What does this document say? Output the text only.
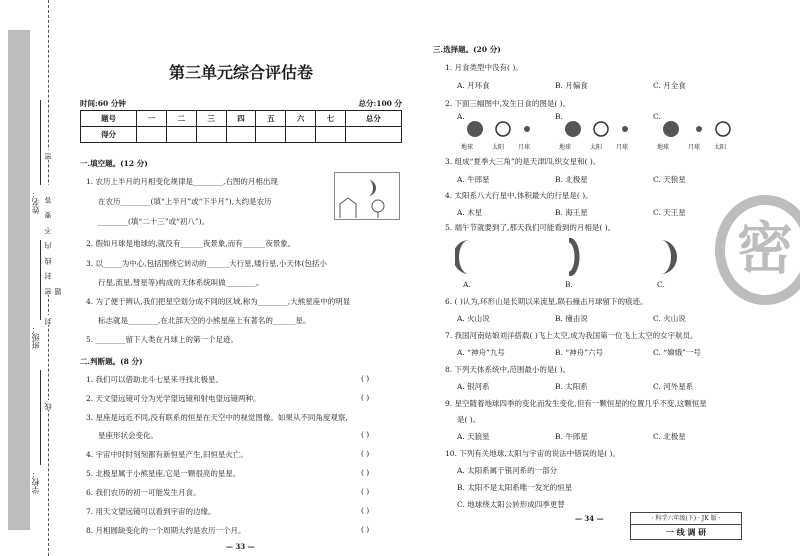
姓名：
班级：
学校：
密
密 封 线 内 不 要 答 题
封
线
第三单元综合评估卷
时间:60 分钟	总分:100 分
题号	一	二	三	四	五	六	七	总分
得分								
一.填空题。(12 分)
1. 农历上半月的月相变化规律是________,右图的月相出现
在农历________(填“上半月”或“下半月”),大约是农历
________(填“二十三”或“初八”)。
2. 假如月球是地球的,就没有______夜景象,而有______夜景象。
3. 以_____为中心,包括围绕它转动的______大行星,矮行星,小天体(包括小
行星,流星,彗星等)构成的天体系统叫做________。
4. 为了便于辨认,我们把星空划分成不同的区域,称为________,大熊星座中的明显
标志就是________,在北部天空的小熊星座上有著名的______星。
5. ________留下人类在月球上的第一个足迹。
二.判断题。(8 分)
1. 我们可以借助北斗七星来寻找北极星。	( )
2. 天文望远镜可分为光学望远镜和射电望远镜两种。	( )
3. 星座是远近不同,没有联系的恒星在天空中的视觉图像。如果从不同角度观察,
星座形状会变化。	( )
4. 宇宙中时时刻刻都有新恒星产生,旧恒星火亡。	( )
5. 北极星属于小熊星座,它是一颗很亮的星星。	( )
6. 我们农历的初一可能发生月食。	( )
7. 用天文望远镜可以看到宇宙的边缘。	( )
8. 月相圆缺变化的一个周期大约是农历一个月。	( )
— 33 —
三.选择题。(20 分)
1. 月食类型中没有( )。
A. 月环食	B. 月偏食	C. 月全食
2. 下面三幅图中,发生日食的图是( )。
A.	B.	C.
地球	太阳 月球	地球	太阳 月球	地球	月球 太阳
3. 组成“夏季大三角”的是天津四,织女星和( )。
A. 牛郎星	B. 北极星	C. 天狼星
4. 太阳系八大行星中,体积最大的行星是( )。
A. 木星	B. 海王星	C. 天王星
5. 端午节就要到了,那天我们可能看到的月相是( )。
A.	B.	C.
6. ( )认为,环形山是长期以来流星,陨石撞击月球留下的痕迹。
A. 火山说	B. 撞击说	C. 火山说
7. 我国河南姑娘刘洋搭载( )飞上太空,成为我国第一位飞上太空的女宇航员。
A. “神舟”九号	B. “神舟”六号	C. “嫦娥”一号
8. 下列天体系统中,范围最小的是( )。
A. 银河系	B. 太阳系	C. 河外星系
9. 星空随着地球四季的变化而发生变化,但有一颗恒星的位置几乎不变,这颗恒星
是( )。
A. 天狼星	B. 牛郎星	C. 北极星
10. 下列有关地球,太阳与宇宙的说法中错误的是( )。
A. 太阳系属于银河系的一部分
B. 太阳不是太阳系唯一发光的恒星
C. 地球绕太阳公转形成四季更替
— 34 —
密
· 科学六年级(下) · JK 版 ·
一 线 调 研
